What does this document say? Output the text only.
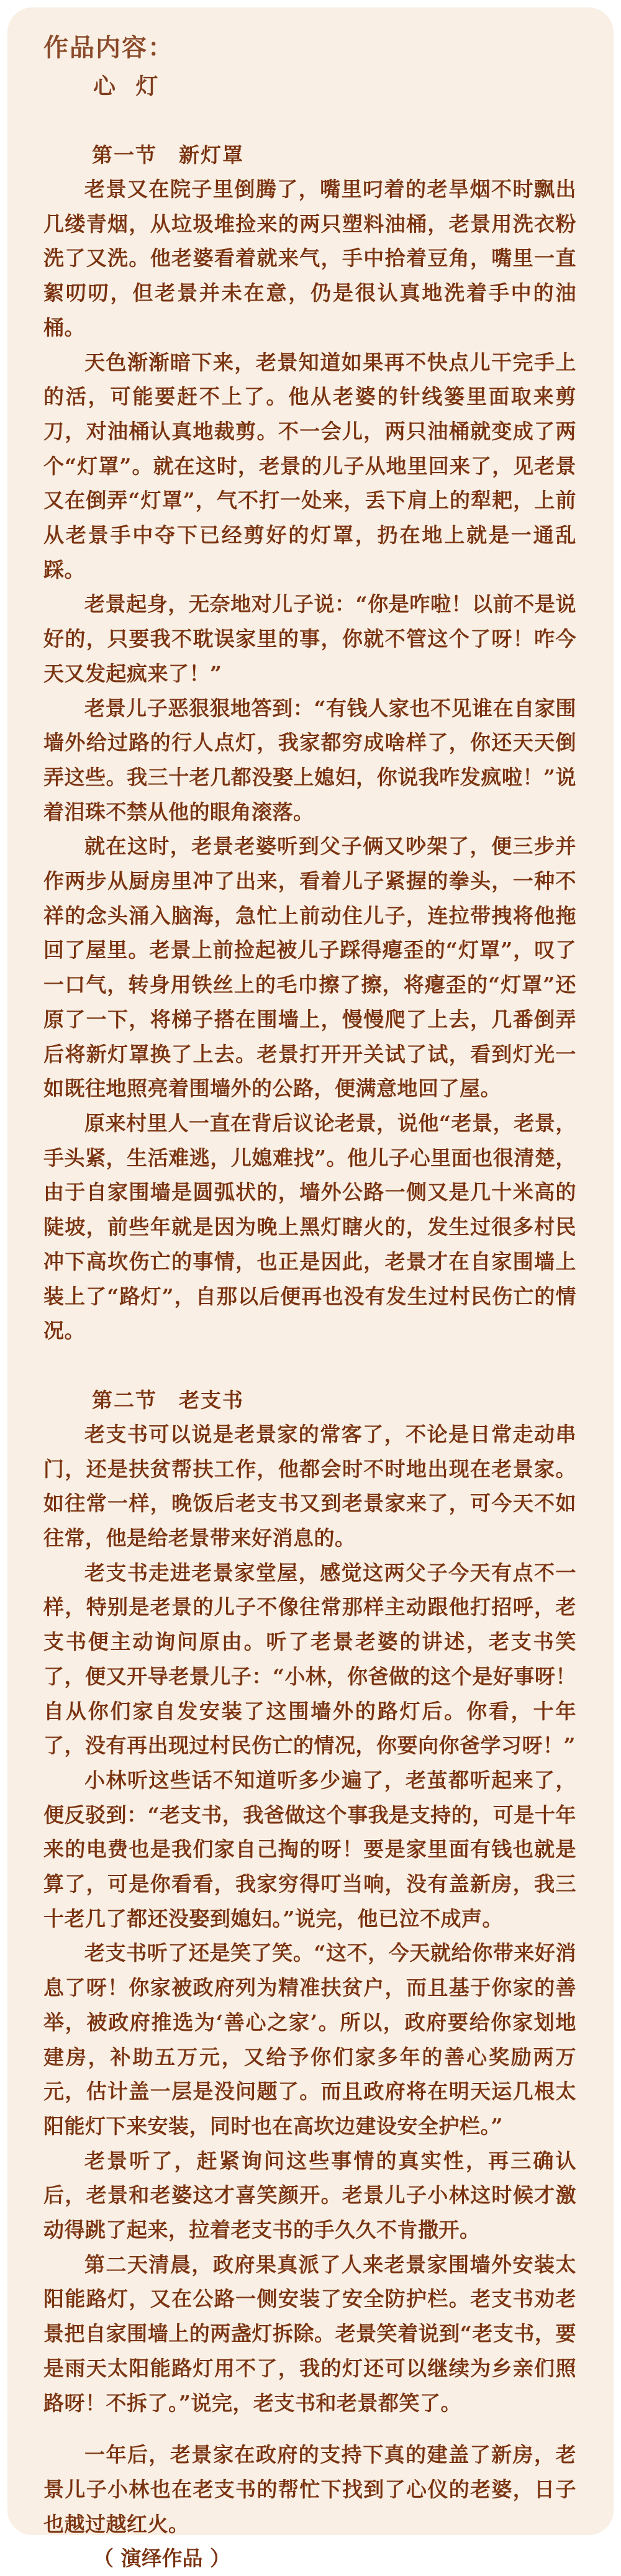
作品内容：
心 灯
第一节　新灯罩

老景又在院子里倒腾了，嘴里叼着的老旱烟不时飘出几缕青烟，从垃圾堆捡来的两只塑料油桶，老景用洗衣粉洗了又洗。他老婆看着就来气，手中拾着豆角，嘴里一直絮叨叨，但老景并未在意，仍是很认真地洗着手中的油桶。

天色渐渐暗下来，老景知道如果再不快点儿干完手上的活，可能要赶不上了。他从老婆的针线篓里面取来剪刀，对油桶认真地裁剪。不一会儿，两只油桶就变成了两个“灯罩”。就在这时，老景的儿子从地里回来了，见老景又在倒弄“灯罩”，气不打一处来，丢下肩上的犁耙，上前从老景手中夺下已经剪好的灯罩，扔在地上就是一通乱踩。

老景起身，无奈地对儿子说：“你是咋啦！以前不是说好的，只要我不耽误家里的事，你就不管这个了呀！咋今天又发起疯来了！”

老景儿子恶狠狠地答到：“有钱人家也不见谁在自家围墙外给过路的行人点灯，我家都穷成啥样了，你还天天倒弄这些。我三十老几都没娶上媳妇，你说我咋发疯啦！”说着泪珠不禁从他的眼角滚落。

就在这时，老景老婆听到父子俩又吵架了，便三步并作两步从厨房里冲了出来，看着儿子紧握的拳头，一种不祥的念头涌入脑海，急忙上前动住儿子，连拉带拽将他拖回了屋里。老景上前捡起被儿子踩得瘪歪的“灯罩”，叹了一口气，转身用铁丝上的毛巾擦了擦，将瘪歪的“灯罩”还原了一下，将梯子搭在围墙上，慢慢爬了上去，几番倒弄后将新灯罩换了上去。老景打开开关试了试，看到灯光一如既往地照亮着围墙外的公路，便满意地回了屋。

原来村里人一直在背后议论老景，说他“老景，老景，手头紧，生活难逃，儿媳难找”。他儿子心里面也很清楚，由于自家围墙是圆弧状的，墙外公路一侧又是几十米高的陡坡，前些年就是因为晚上黑灯瞎火的，发生过很多村民冲下高坎伤亡的事情，也正是因此，老景才在自家围墙上装上了“路灯”，自那以后便再也没有发生过村民伤亡的情况。

第二节　老支书

老支书可以说是老景家的常客了，不论是日常走动串门，还是扶贫帮扶工作，他都会时不时地出现在老景家。如往常一样，晚饭后老支书又到老景家来了，可今天不如往常，他是给老景带来好消息的。

老支书走进老景家堂屋，感觉这两父子今天有点不一样，特别是老景的儿子不像往常那样主动跟他打招呼，老支书便主动询问原由。听了老景老婆的讲述，老支书笑了，便又开导老景儿子：“小林，你爸做的这个是好事呀！自从你们家自发安装了这围墙外的路灯后。你看，十年了，没有再出现过村民伤亡的情况，你要向你爸学习呀！”

小林听这些话不知道听多少遍了，老茧都听起来了，便反驳到：“老支书，我爸做这个事我是支持的，可是十年来的电费也是我们家自己掏的呀！要是家里面有钱也就是算了，可是你看看，我家穷得叮当响，没有盖新房，我三十老几了都还没娶到媳妇。”说完，他已泣不成声。

老支书听了还是笑了笑。“这不，今天就给你带来好消息了呀！你家被政府列为精准扶贫户，而且基于你家的善举，被政府推选为‘善心之家’。所以，政府要给你家划地建房，补助五万元，又给予你们家多年的善心奖励两万元，估计盖一层是没问题了。而且政府将在明天运几根太阳能灯下来安装，同时也在高坎边建设安全护栏。”

老景听了，赶紧询问这些事情的真实性，再三确认后，老景和老婆这才喜笑颜开。老景儿子小林这时候才激动得跳了起来，拉着老支书的手久久不肯撒开。

第二天清晨，政府果真派了人来老景家围墙外安装太阳能路灯，又在公路一侧安装了安全防护栏。老支书劝老景把自家围墙上的两盏灯拆除。老景笑着说到“老支书，要是雨天太阳能路灯用不了，我的灯还可以继续为乡亲们照路呀！不拆了。”说完，老支书和老景都笑了。

一年后，老景家在政府的支持下真的建盖了新房，老景儿子小林也在老支书的帮忙下找到了心仪的老婆，日子也越过越红火。

（ 演绎作品 ）
